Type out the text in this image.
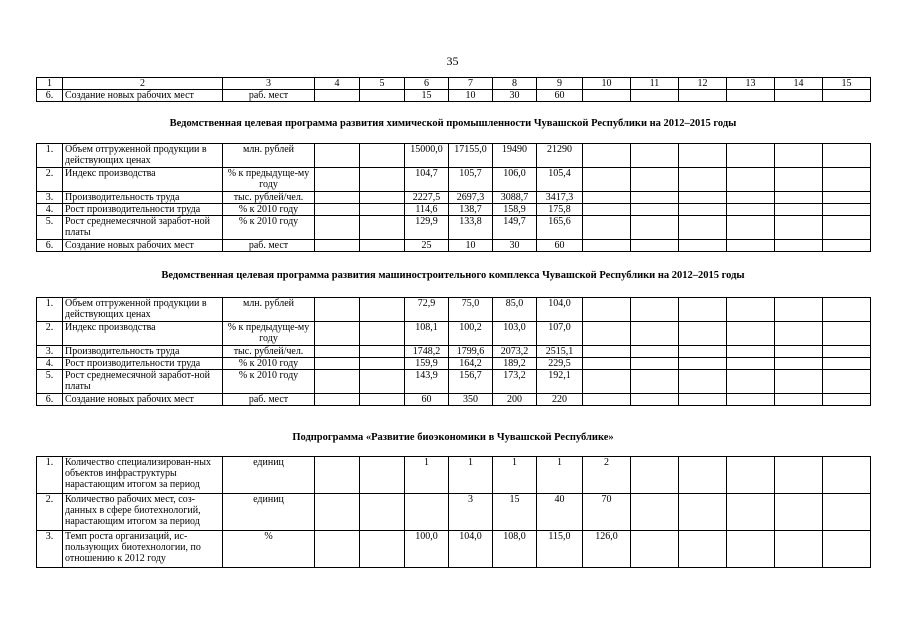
35
1	2	3	4	5	6	7	8	9	10	11	12	13	14	15
6.	Создание новых рабочих мест	раб. мест			15	10	30	60						
Ведомственная целевая программа развития химической промышленности Чувашской Республики на 2012–2015 годы
1.	Объем отгруженной продукции в действующих ценах	млн. рублей			15000,0	17155,0	19490	21290						
2.	Индекс производства	% к предыдуще-му году			104,7	105,7	106,0	105,4						
3.	Производительность труда	тыс. рублей/чел.			2227,5	2697,3	3088,7	3417,3						
4.	Рост производительности труда	% к 2010 году			114,6	138,7	158,9	175,8						
5.	Рост среднемесячной заработ-ной платы	% к 2010 году			129,9	133,8	149,7	165,6						
6.	Создание новых рабочих мест	раб. мест			25	10	30	60						
Ведомственная целевая программа развития машиностроительного комплекса Чувашской Республики на 2012–2015 годы
1.	Объем отгруженной продукции в действующих ценах	млн. рублей			72,9	75,0	85,0	104,0						
2.	Индекс производства	% к предыдуще-му году			108,1	100,2	103,0	107,0						
3.	Производительность труда	тыс. рублей/чел.			1748,2	1799,6	2073,2	2515,1						
4.	Рост производительности труда	% к 2010 году			159,9	164,2	189,2	229,5						
5.	Рост среднемесячной заработ-ной платы	% к 2010 году			143,9	156,7	173,2	192,1						
6.	Создание новых рабочих мест	раб. мест			60	350	200	220						
Подпрограмма «Развитие биоэкономики в Чувашской Республике»
1.	Количество специализирован-ных объектов инфраструктуры нарастающим итогом за период	единиц			1	1	1	1	2					
2.	Количество рабочих мест, соз-данных в сфере биотехнологий, нарастающим итогом за период	единиц				3	15	40	70					
3.	Темп роста организаций, ис-пользующих биотехнологии, по отношению к 2012 году	%			100,0	104,0	108,0	115,0	126,0					
